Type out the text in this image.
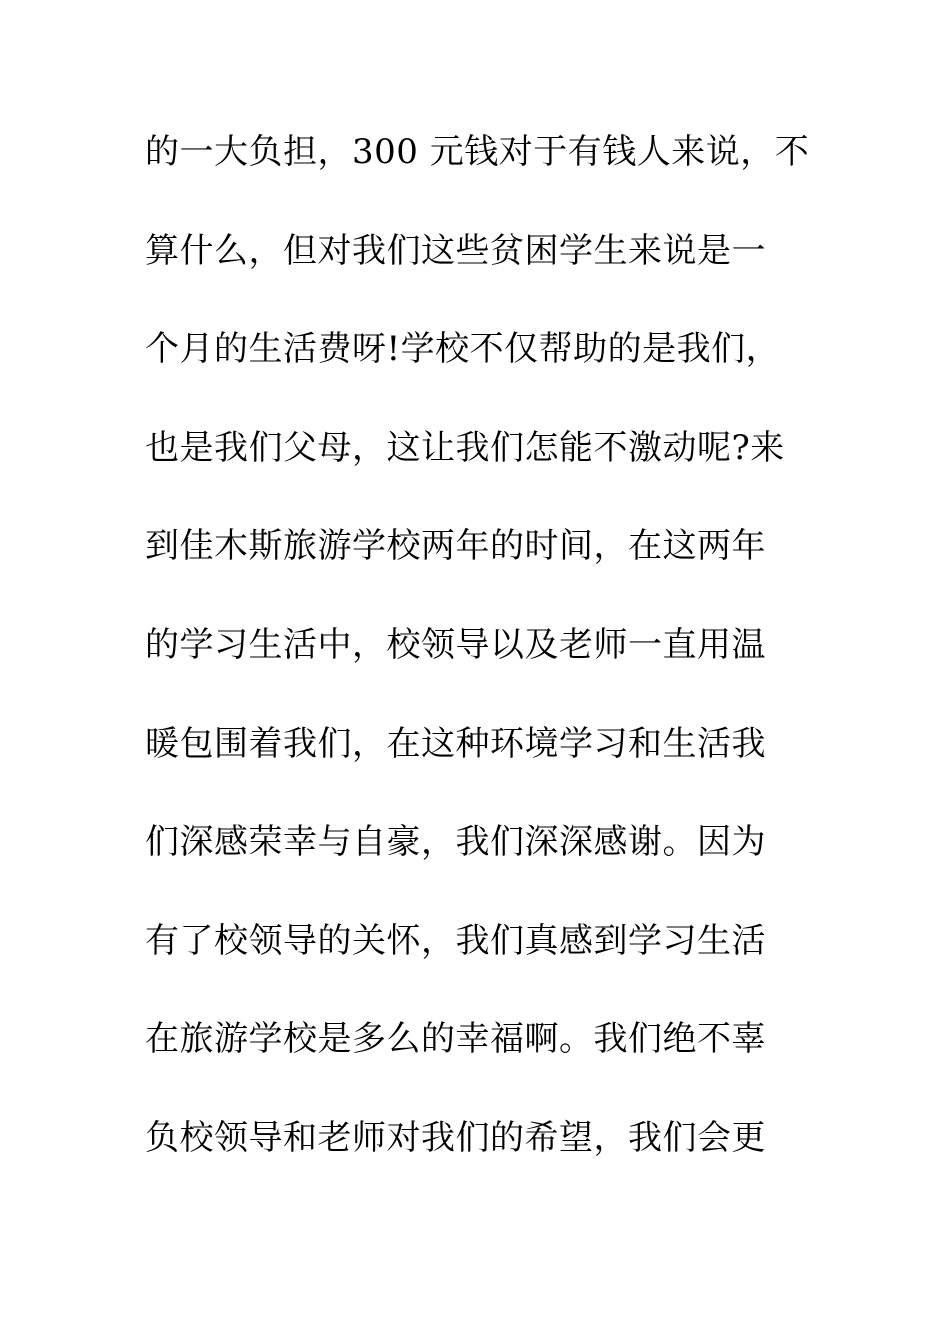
的一大负担，300 元钱对于有钱人来说，不
算什么，但对我们这些贫困学生来说是一
个月的生活费呀!学校不仅帮助的是我们，
也是我们父母，这让我们怎能不激动呢?来
到佳木斯旅游学校两年的时间，在这两年
的学习生活中，校领导以及老师一直用温
暖包围着我们，在这种环境学习和生活我
们深感荣幸与自豪，我们深深感谢。因为
有了校领导的关怀，我们真感到学习生活
在旅游学校是多么的幸福啊。我们绝不辜
负校领导和老师对我们的希望，我们会更
